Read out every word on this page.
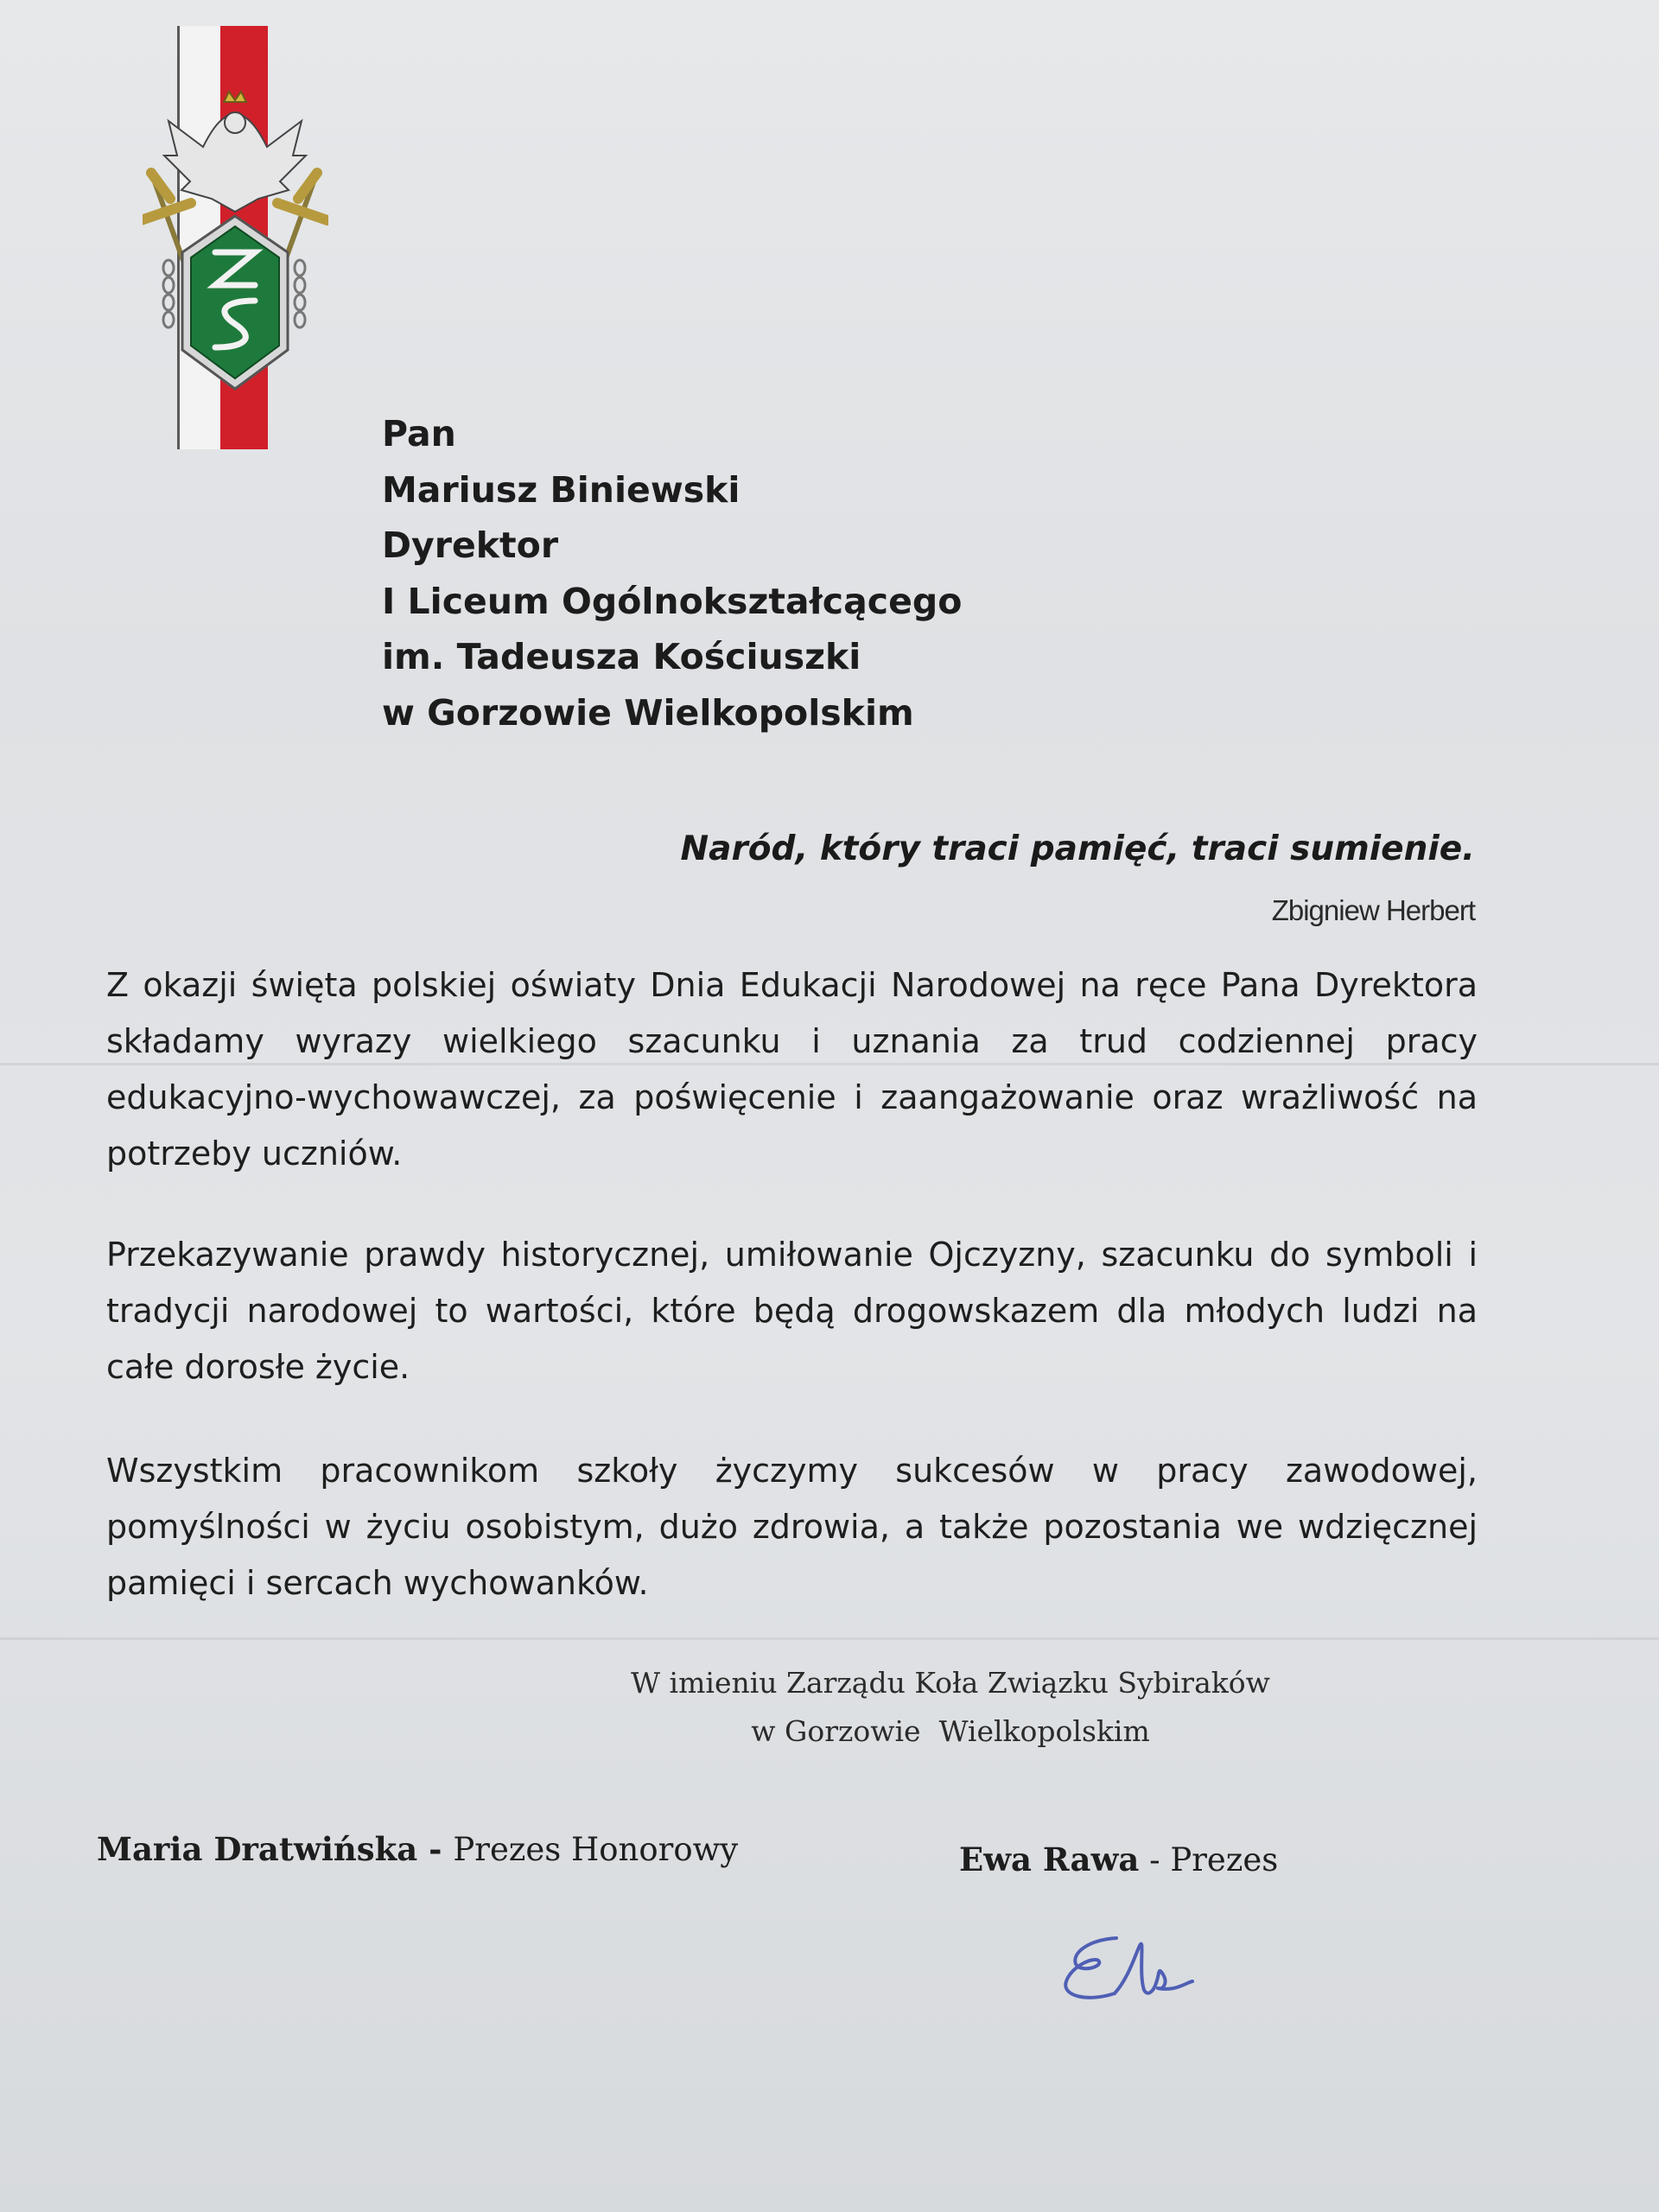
Pan
Mariusz Biniewski
Dyrektor
I Liceum Ogólnokształcącego
im. Tadeusza Kościuszki
w Gorzowie Wielkopolskim
Naród, który traci pamięć, traci sumienie.
Zbigniew Herbert
Z okazji święta polskiej oświaty Dnia Edukacji Narodowej na ręce Pana Dyrektora składamy wyrazy wielkiego szacunku i uznania za trud codziennej pracy edukacyjno-wychowawczej, za poświęcenie i zaangażowanie oraz wrażliwość na potrzeby uczniów.
Przekazywanie prawdy historycznej, umiłowanie Ojczyzny, szacunku do symboli i tradycji narodowej to wartości, które będą drogowskazem dla młodych ludzi na całe dorosłe życie.
Wszystkim pracownikom szkoły życzymy sukcesów w pracy zawodowej, pomyślności w życiu osobistym, dużo zdrowia, a także pozostania we wdzięcznej pamięci i sercach wychowanków.
W imieniu Zarządu Koła Związku Sybiraków
w Gorzowie  Wielkopolskim
Maria Dratwińska - Prezes Honorowy	Ewa Rawa - Prezes
